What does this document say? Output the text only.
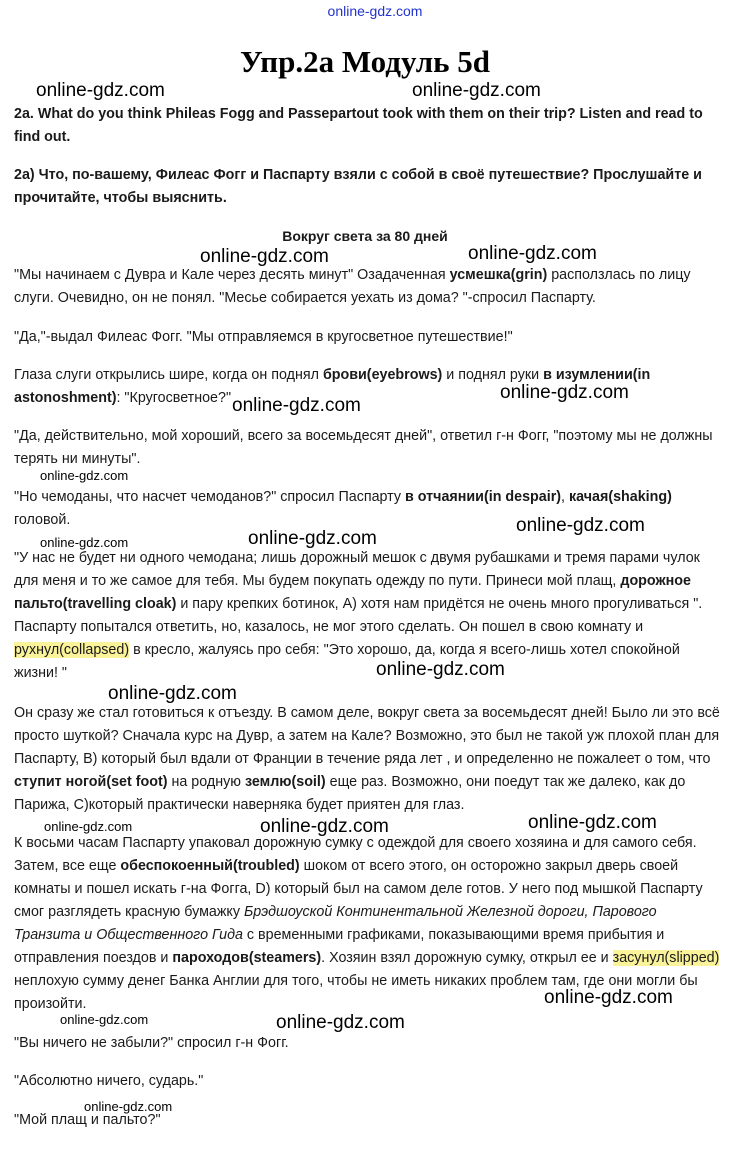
online-gdz.com
Упр.2а Модуль 5d

2a. What do you think Phileas Fogg and Passepartout took with them on their trip? Listen and read to find out.

2а) Что, по-вашему, Филеас Фогг и Паспарту взяли с собой в своё путешествие? Прослушайте и прочитайте, чтобы выяснить.

Вокруг света за 80 дней

"Мы начинаем с Дувра и Кале через десять минут" Озадаченная усмешка(grin) расползлась по лицу слуги. Очевидно, он не понял. "Месье собирается уехать из дома? "-спросил Паспарту.

"Да,"-выдал Филеас Фогг. "Мы отправляемся в кругосветное путешествие!"

Глаза слуги открылись шире, когда он поднял брови(eyebrows) и поднял руки в изумлении(in astonoshment): "Кругосветное?"

"Да, действительно, мой хороший, всего за восемьдесят дней", ответил г-н Фогг, "поэтому мы не должны терять ни минуты".

"Но чемоданы, что насчет чемоданов?" спросил Паспарту в отчаянии(in despair), качая(shaking) головой.

"У нас не будет ни одного чемодана; лишь дорожный мешок с двумя рубашками и тремя парами чулок для меня и то же самое для тебя. Мы будем покупать одежду по пути. Принеси мой плащ, дорожное пальто(travelling cloak) и пару крепких ботинок, A) хотя нам придётся не очень много прогуливаться ". Паспарту попытался ответить, но, казалось, не мог этого сделать. Он пошел в свою комнату и рухнул(collapsed) в кресло, жалуясь про себя: "Это хорошо, да, когда я всего-лишь хотел спокойной жизни! "

Он сразу же стал готовиться к отъезду. В самом деле, вокруг света за восемьдесят дней! Было ли это всё просто шуткой? Сначала курс на Дувр, а затем на Кале? Возможно, это был не такой уж плохой план для Паспарту, B) который был вдали от Франции в течение ряда лет , и определенно не пожалеет о том, что ступит ногой(set foot) на родную землю(soil) еще раз. Возможно, они поедут так же далеко, как до Парижа, C)который практически наверняка будет приятен для глаз.

К восьми часам Паспарту упаковал дорожную сумку с одеждой для своего хозяина и для самого себя. Затем, все еще обеспокоенный(troubled) шоком от всего этого, он осторожно закрыл дверь своей комнаты и пошел искать г-на Фогга, D) который был на самом деле готов. У него под мышкой Паспарту смог разглядеть красную бумажку Брэдшоуской Континентальной Железной дороги, Парового Транзита и Общественного Гида с временными графиками, показывающими время прибытия и отправления поездов и пароходов(steamers). Хозяин взял дорожную сумку, открыл ее и засунул(slipped) неплохую сумму денег Банка Англии для того, чтобы не иметь никаких проблем там, где они могли бы произойти.

"Вы ничего не забыли?" спросил г-н Фогг.

"Абсолютно ничего, сударь."

"Мой плащ и пальто?"

online-gdz.com	online-gdz.com
online-gdz.com	online-gdz.com
online-gdz.com
online-gdz.com
online-gdz.com
online-gdz.com	online-gdz.com
online-gdz.com
online-gdz.com
online-gdz.com
online-gdz.com	online-gdz.com	online-gdz.com
online-gdz.com
online-gdz.com	online-gdz.com
online-gdz.com
